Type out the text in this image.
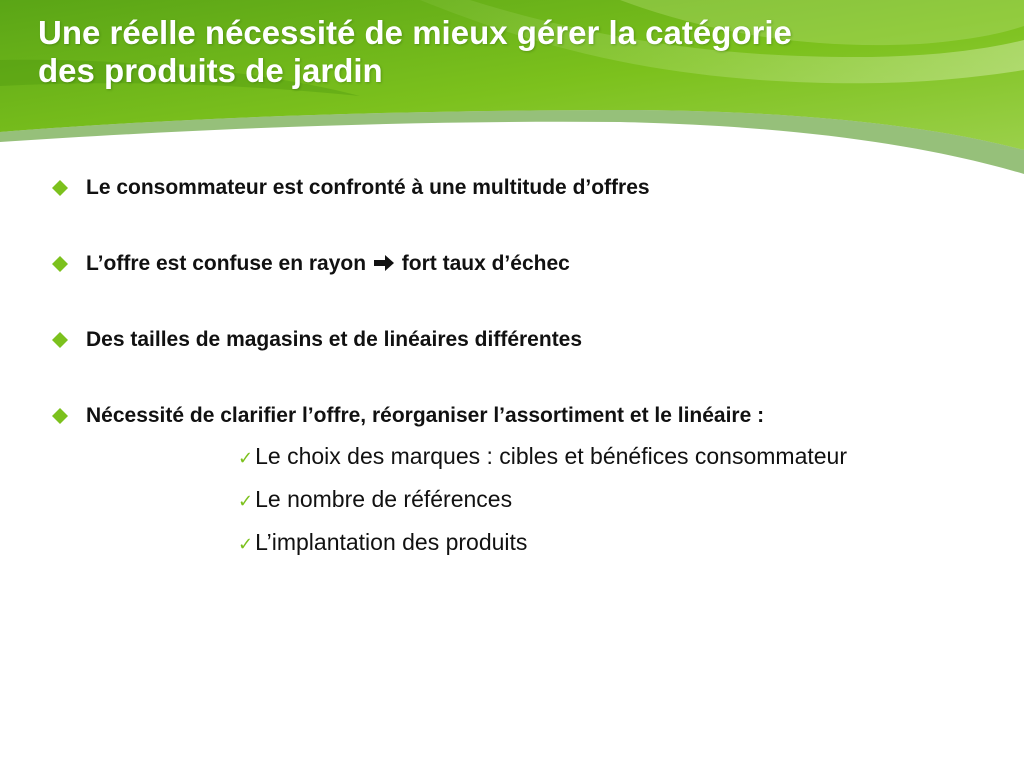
Une réelle nécessité de mieux gérer la catégorie
des produits de jardin
Le consommateur est confronté à une multitude d’offres
L’offre est confuse en rayon fort taux d’échec
Des tailles de magasins et de linéaires différentes
Nécessité de clarifier l’offre, réorganiser l’assortiment et le linéaire :
✓Le choix des marques : cibles et bénéfices consommateur
✓Le nombre de références
✓L’implantation des produits
